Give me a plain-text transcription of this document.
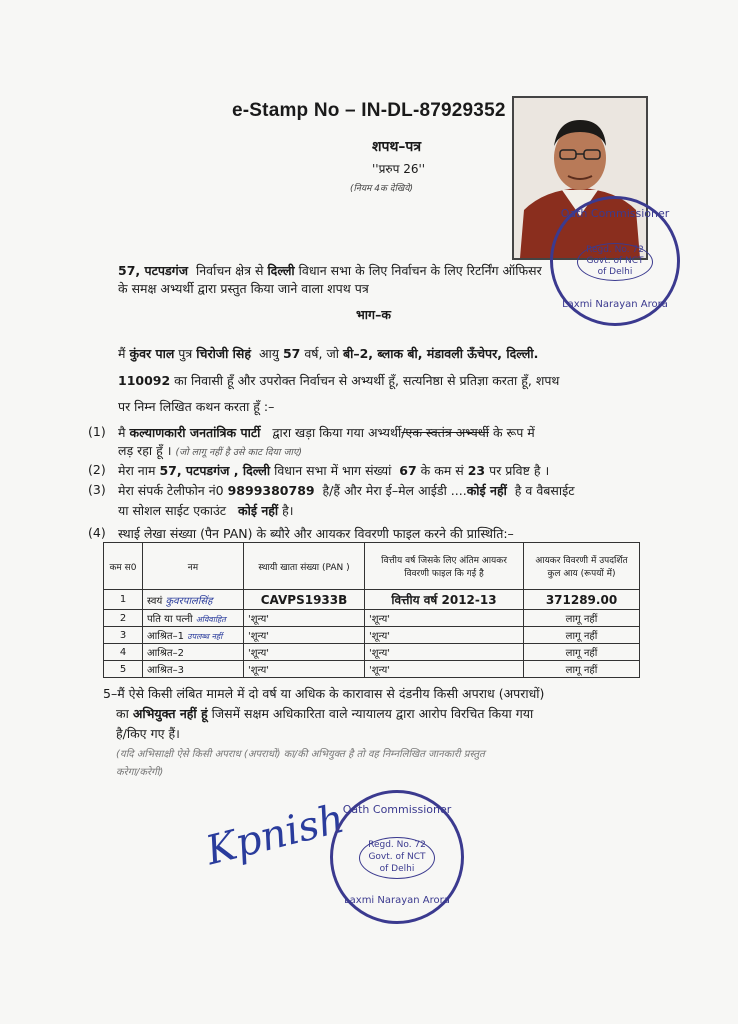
e-Stamp No – IN-DL-87929352
शपथ–पत्र
''प्ररुप 26''
(नियम 4क देखिये)
Oath Commissioner
Regd. No. 72
Govt. of NCT
of Delhi
Laxmi Narayan Arora
57, पटपडगंज निर्वाचन क्षेत्र से दिल्ली विधान सभा के लिए निर्वाचन के लिए रिटर्निंग ऑफिसर
के समक्ष अभ्यर्थी द्वारा प्रस्तुत किया जाने वाला शपथ पत्र
भाग–क
मैं कुंवर पाल पुत्र चिरोजी सिहं आयु 57 वर्ष, जो बी–2, ब्लाक बी, मंडावली ऊँचेपर, दिल्ली.
110092 का निवासी हूँ और उपरोक्त निर्वाचन से अभ्यर्थी हूँ, सत्यनिष्ठा से प्रतिज्ञा करता हूँ, शपथ
पर निम्न लिखित कथन करता हूँ :–
(1) मै कल्याणकारी जनतांत्रिक पार्टी द्वारा खड़ा किया गया अभ्यर्थी/एक स्वतंत्र अभ्यर्थी के रूप में
लड़ रहा हूँ । (जो लागू नहीं है उसे काट दिया जाए)
(2) मेरा नाम 57, पटपडगंज , दिल्ली विधान सभा में भाग संख्यां 67 के कम सं 23 पर प्रविष्ट है ।
(3) मेरा संपर्क टेलीफोन नं0 9899380789 है/हैं और मेरा ई–मेल आईडी ....कोई नहीं है व वैबसाईट
या सोशल साईट एकाउंट कोई नहीं है।
(4) स्थाई लेखा संख्या (पैन PAN) के ब्यौरे और आयकर विवरणी फाइल करने की प्रास्थिति:–
कम स0	नम	स्थायी खाता संख्या (PAN )	वित्तीय वर्ष जिसके लिए अंतिम आयकर विवरणी फाइल कि गई है	आयकर विवरणी में उपदर्शित कुल आय (रूपयों में)
1	स्वयं कुवरपालसिंह	CAVPS1933B	वित्तीय वर्ष 2012-13	371289.00
2	पति या पत्नी अविवाहित	'शून्य'	'शून्य'	लागू नहीं
3	आश्रित–1 उपलब्ध नहीं	'शून्य'	'शून्य'	लागू नहीं
4	आश्रित–2	'शून्य'	'शून्य'	लागू नहीं
5	आश्रित–3	'शून्य'	'शून्य'	लागू नहीं
5–मैं ऐसे किसी लंबित मामले में दो वर्ष या अधिक के कारावास से दंडनीय किसी अपराध (अपराधों)
का अभियुक्त नहीं हूं जिसमें सक्षम अधिकारिता वाले न्यायालय द्वारा आरोप विरचित किया गया
है/किए गए हैं।
(यदि अभिसाक्षी ऐसे किसी अपराध (अपराधों) का/की अभियुक्त है तो वह निम्नलिखित जानकारी प्रस्तुत
करेगा/करेगी)
Kpnish
Oath Commissioner
Regd. No. 72
Govt. of NCT
of Delhi
Laxmi Narayan Arora
